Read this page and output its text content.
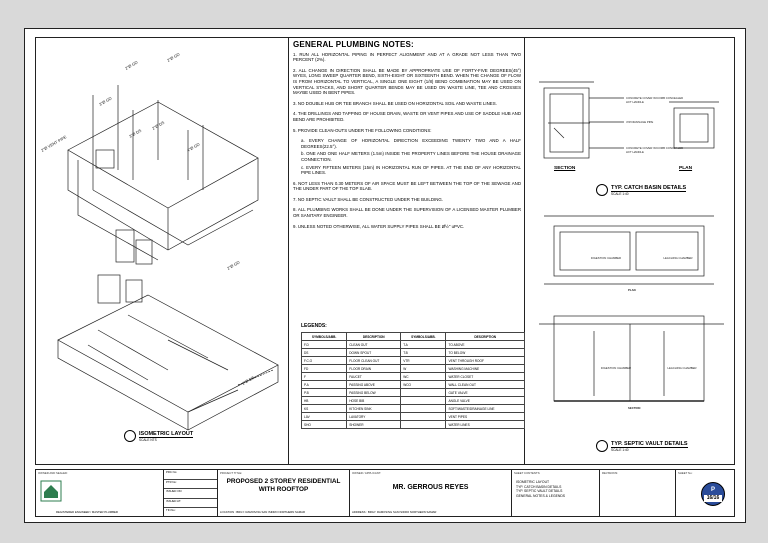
2"Ø GD
2"Ø GD
2"Ø VENT PIPE
3"Ø DS
3"Ø GD
2"Ø DS
4"Ø GD
2"Ø GD
2"Ø DS
ISOMETRIC LAYOUT
SCALE NTS
GENERAL PLUMBING NOTES:

1. RUN ALL HORIZONTAL PIPING IN PERFECT ALIGNMENT AND AT A GRADE NOT LESS THAN TWO PERCENT (2%).

2. ALL CHANGE IN DIRECTION SHALL BE MADE BY APPROPRIATE USE OF FORTY-FIVE DEGREES(45°) WYES, LONG SWEEP QUARTER BEND, SIXTH-EIGHT OR SIXTEENTH BEND. WHEN THE CHANGE OF FLOW IS FROM HORIZONTAL TO VERTICAL, A SINGLE ONE EIGHT (1/8) BEND COMBINATION MAY BE USED ON VERTICAL STACKS, AND SHORT QUARTER BENDS MAY BE USED ON WASTE LINE, TEE AND CROSSES MAYBE USED IN BENT PIPES.

3. NO DOUBLE HUB OR TEE BRANCH SHALL BE USED ON HORIZONTAL SOIL AND WASTE LINES.

4. THE DRILLINGS AND TAPPING OF HOUSE DRAIN, WASTE OR VENT PIPES AND USE OF SADDLE HUB AND BEND ARE PROHIBITED.

5. PROVIDE CLEAN-OUTS UNDER THE FOLLOWING CONDITIONS:

a. EVERY CHANGE OF HORIZONTAL DIRECTION EXCEEDING TWENTY TWO AND A HALF DEGREES(22.5°).

b. ONE AND ONE HALF METERS (1.5m) INSIDE THE PROPERTY LINES BEFORE THE HOUSE DRAINAGE CONNECTION.

c. EVERY FIFTEEN METERS (15m) IN HORIZONTAL RUN OF PIPES. AT THE END OF ANY HORIZONTAL PIPE LINES.

6. NOT LESS THAN 0.30 METERS OF AIR SPACE MUST BE LEFT BETWEEN THE TOP OF THE SEWAGE AND THE UNDER PART OF THE TOP SLAB.

7. NO SEPTIC VAULT SHALL BE CONSTRUCTED UNDER THE BUILDING.

8. ALL PLUMBING WORKS SHALL BE DONE UNDER THE SUPERVISION OF A LICENSED MASTER PLUMBER OR SANITARY ENGINEER.

9. UNLESS NOTED OTHERWISE, ALL WATER SUPPLY PIPES SHALL BE Ø½" uPVC.

LEGENDS:
SYMBOLS/ABB.	DESCRIPTION	SYMBOLS/ABB.	DESCRIPTION
F.D	CLEAN OUT	T.A	TO ABOVE
DS	DOWN SPOUT	T.B	TO BELOW
F.C.O	FLOOR CLEAN OUT	VTR	VENT THROUGH ROOF
FD	FLOOR DRAIN	W	WASHING MACHINE
F	FAUCET	WC	WATER CLOSET
P.A	PASSING ABOVE	WCO	WALL CLEAN OUT
P.B	PASSING BELOW		GATE VALVE
HB	HOSE BIB		ANGLE VALVE
KS	KITCHEN SINK		SOFT/WASTE/DRAINAGE LINE
LAV	LAVATORY		VENT PIPES
SHO	SHOWER		WATER LINES
CONCRETE COVER W/COMB CONCEALED LIFT HANDLE
4"Ø DRAINAGE PIPE
CONCRETE COVER W/COMB CONCEALED LIFT HANDLE
SECTION	PLAN
TYP. CATCH BASIN DETAILS
SCALE 1:40
DIGESTION CHAMBER	LEACHING CHAMBER
PLAN
DIGESTION CHAMBER	LEACHING CHAMBER
SECTION
TYP. SEPTIC VAULT DETAILS
SCALE 1:40
OWNER AND SEALED:
REGISTERED ENGINEER / MASTER PLUMBER
PRC No:
PTR No:
ISSUED ON:
ISSUED AT:
TIN No:
PROJECT TITLE:
PROPOSED 2 STOREY RESIDENTIAL WITH ROOFTOP
LOCATION : BRGY. RAMOS/NG SAN ISIDRO NORTHERN SAMAR
OWNER / APPLICANT:
MR. GERROUS REYES
ADDRESS : BRGY. RAMOS/NG SAN ISIDRO NORTHERN SAMAR
SHEET CONTENTS:
ISOMETRIC LAYOUT
TYP. CATCH BASIN DETAILS
TYP. SEPTIC VAULT DETAILS
GENERAL NOTES & LEGENDS
REVISIONS:	SHEET No:
P
16/16
